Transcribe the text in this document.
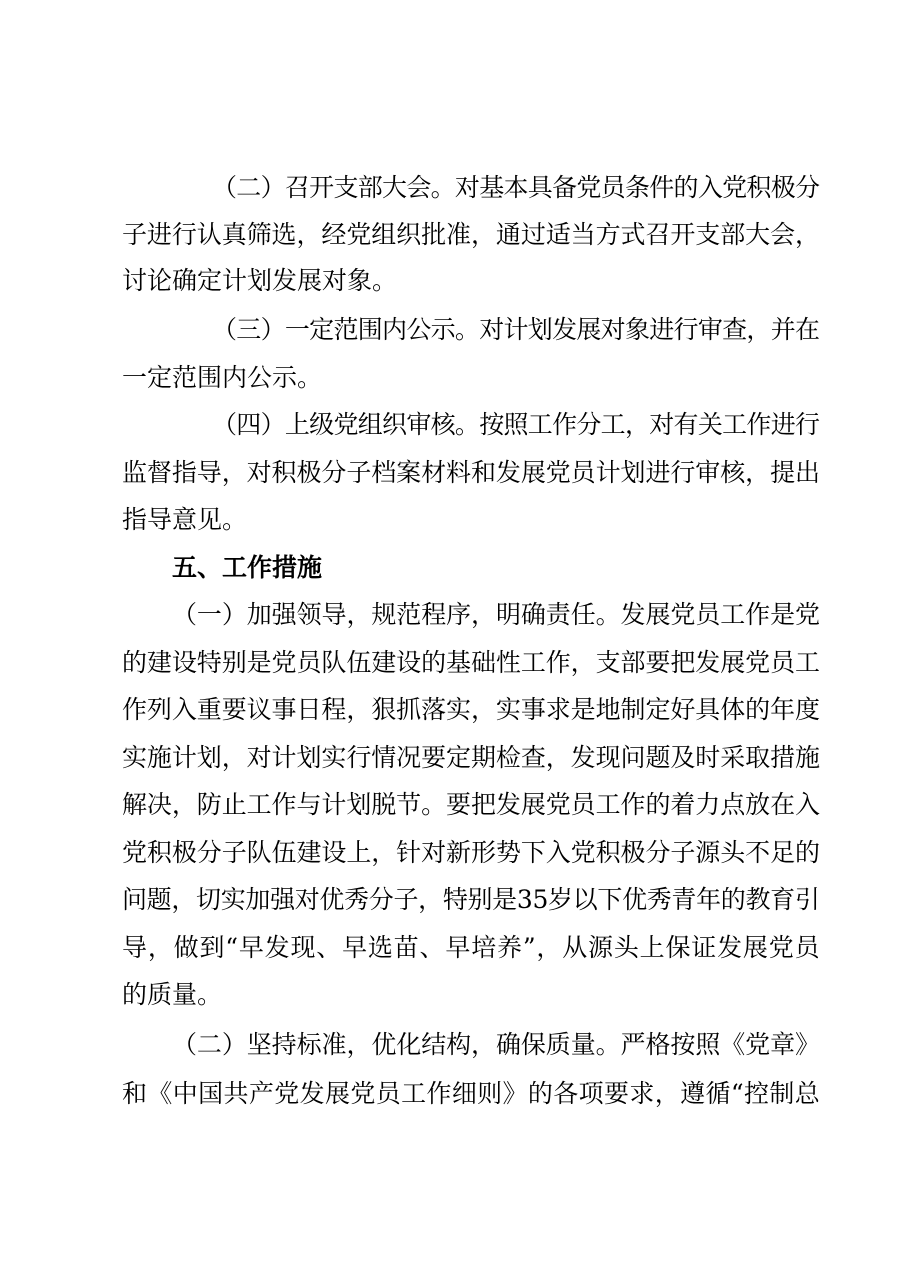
（二）召开支部大会。对基本具备党员条件的入党积极分
子进行认真筛选，经党组织批准，通过适当方式召开支部大会，
讨论确定计划发展对象。
（三）一定范围内公示。对计划发展对象进行审查，并在
一定范围内公示。
（四）上级党组织审核。按照工作分工，对有关工作进行
监督指导，对积极分子档案材料和发展党员计划进行审核，提出
指导意见。
五、工作措施
（一）加强领导，规范程序，明确责任。发展党员工作是党
的建设特别是党员队伍建设的基础性工作，支部要把发展党员工
作列入重要议事日程，狠抓落实，实事求是地制定好具体的年度
实施计划，对计划实行情况要定期检查，发现问题及时采取措施
解决，防止工作与计划脱节。要把发展党员工作的着力点放在入
党积极分子队伍建设上，针对新形势下入党积极分子源头不足的
问题，切实加强对优秀分子，特别是35岁以下优秀青年的教育引
导，做到“早发现、早选苗、早培养”，从源头上保证发展党员
的质量。
（二）坚持标准，优化结构，确保质量。严格按照《党章》
和《中国共产党发展党员工作细则》的各项要求，遵循“控制总
